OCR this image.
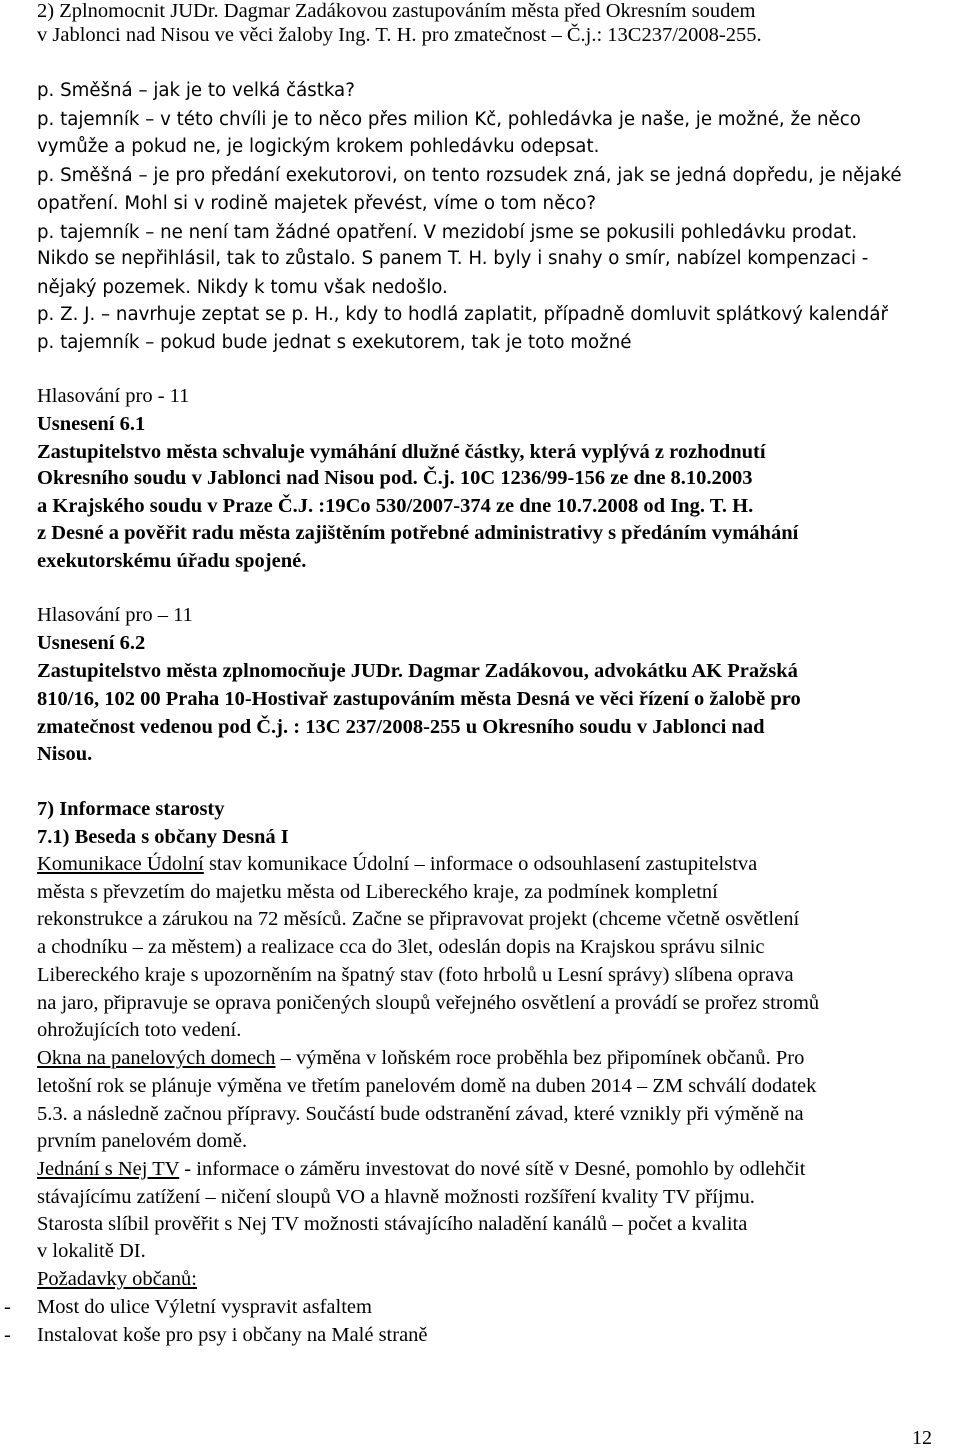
2) Zplnomocnit JUDr. Dagmar Zadákovou zastupováním města před Okresním soudem
v Jablonci nad Nisou ve věci žaloby Ing. T. H. pro zmatečnost – Č.j.: 13C237/2008-255.
p. Směšná – jak je to velká částka?
p. tajemník – v této chvíli je to něco přes milion Kč, pohledávka je naše, je možné, že něco
vymůže a pokud ne, je logickým krokem pohledávku odepsat.
p. Směšná – je pro předání exekutorovi, on tento rozsudek zná, jak se jedná dopředu, je nějaké
opatření. Mohl si v rodině majetek převést, víme o tom něco?
p. tajemník – ne není tam žádné opatření. V mezidobí jsme se pokusili pohledávku prodat.
Nikdo se nepřihlásil, tak to zůstalo. S panem T. H. byly i snahy o smír, nabízel kompenzaci -
nějaký pozemek. Nikdy k tomu však nedošlo.
p. Z. J. – navrhuje zeptat se p. H., kdy to hodlá zaplatit, případně domluvit splátkový kalendář
p. tajemník – pokud bude jednat s exekutorem, tak je toto možné
Hlasování pro - 11
Usnesení 6.1
Zastupitelstvo města schvaluje vymáhání dlužné částky, která vyplývá z rozhodnutí
Okresního soudu v Jablonci nad Nisou pod. Č.j. 10C 1236/99-156 ze dne 8.10.2003
a Krajského soudu v Praze Č.J. :19Co 530/2007-374 ze dne 10.7.2008 od Ing. T. H.
z Desné a pověřit radu města zajištěním potřebné administrativy s předáním vymáhání
exekutorskému úřadu spojené.
Hlasování pro – 11
Usnesení 6.2
Zastupitelstvo města zplnomocňuje JUDr. Dagmar Zadákovou, advokátku AK Pražská
810/16, 102 00 Praha 10-Hostivař zastupováním města Desná ve věci řízení o žalobě pro
zmatečnost vedenou pod Č.j. : 13C 237/2008-255 u Okresního soudu v Jablonci nad
Nisou.
7) Informace starosty
7.1) Beseda s občany Desná I
Komunikace Údolní stav komunikace Údolní – informace o odsouhlasení zastupitelstva
města s převzetím do majetku města od Libereckého kraje, za podmínek kompletní
rekonstrukce a zárukou na 72 měsíců. Začne se připravovat projekt (chceme včetně osvětlení
a chodníku – za městem) a realizace cca do 3let, odeslán dopis na Krajskou správu silnic
Libereckého kraje s upozorněním na špatný stav (foto hrbolů u Lesní správy) slíbena oprava
na jaro, připravuje se oprava poničených sloupů veřejného osvětlení a provádí se prořez stromů
ohrožujících toto vedení.
Okna na panelových domech – výměna v loňském roce proběhla bez připomínek občanů. Pro
letošní rok se plánuje výměna ve třetím panelovém domě na duben 2014 – ZM schválí dodatek
5.3. a následně začnou přípravy. Součástí bude odstranění závad, které vznikly při výměně na
prvním panelovém domě.
Jednání s Nej TV - informace o záměru investovat do nové sítě v Desné, pomohlo by odlehčit
stávajícímu zatížení – ničení sloupů VO a hlavně možnosti rozšíření kvality TV příjmu.
Starosta slíbil prověřit s Nej TV možnosti stávajícího naladění kanálů – počet a kvalita
v lokalitě DI.
Požadavky občanů:
- Most do ulice Výletní vyspravit asfaltem
- Instalovat koše pro psy i občany na Malé straně
12
